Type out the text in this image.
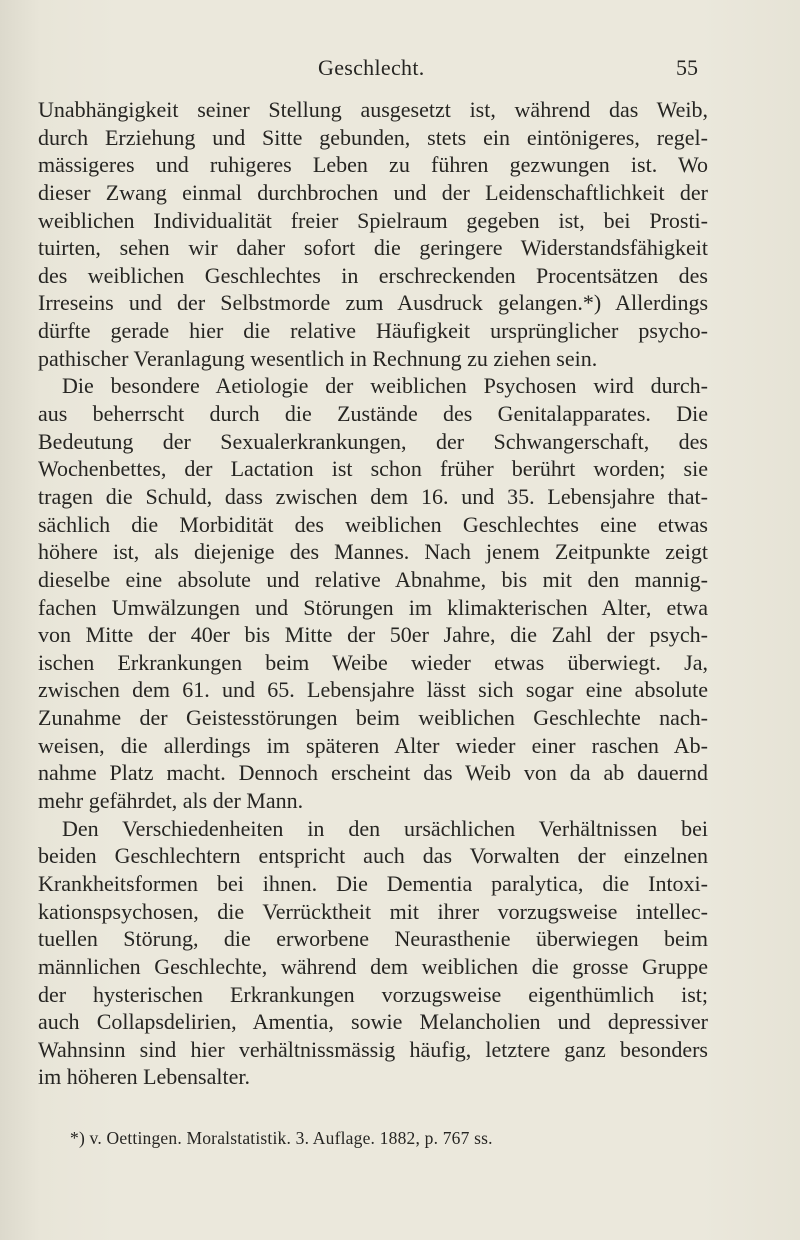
Geschlecht.	55
Unabhängigkeit seiner Stellung ausgesetzt ist, während das Weib,
durch Erziehung und Sitte gebunden, stets ein eintönigeres, regel-
mässigeres und ruhigeres Leben zu führen gezwungen ist. Wo
dieser Zwang einmal durchbrochen und der Leidenschaftlichkeit der
weiblichen Individualität freier Spielraum gegeben ist, bei Prosti-
tuirten, sehen wir daher sofort die geringere Widerstandsfähigkeit
des weiblichen Geschlechtes in erschreckenden Procentsätzen des
Irreseins und der Selbstmorde zum Ausdruck gelangen.*) Allerdings
dürfte gerade hier die relative Häufigkeit ursprünglicher psycho-
pathischer Veranlagung wesentlich in Rechnung zu ziehen sein.
Die besondere Aetiologie der weiblichen Psychosen wird durch-
aus beherrscht durch die Zustände des Genitalapparates. Die
Bedeutung der Sexualerkrankungen, der Schwangerschaft, des
Wochenbettes, der Lactation ist schon früher berührt worden; sie
tragen die Schuld, dass zwischen dem 16. und 35. Lebensjahre that-
sächlich die Morbidität des weiblichen Geschlechtes eine etwas
höhere ist, als diejenige des Mannes. Nach jenem Zeitpunkte zeigt
dieselbe eine absolute und relative Abnahme, bis mit den mannig-
fachen Umwälzungen und Störungen im klimakterischen Alter, etwa
von Mitte der 40er bis Mitte der 50er Jahre, die Zahl der psych-
ischen Erkrankungen beim Weibe wieder etwas überwiegt. Ja,
zwischen dem 61. und 65. Lebensjahre lässt sich sogar eine absolute
Zunahme der Geistesstörungen beim weiblichen Geschlechte nach-
weisen, die allerdings im späteren Alter wieder einer raschen Ab-
nahme Platz macht. Dennoch erscheint das Weib von da ab dauernd
mehr gefährdet, als der Mann.
Den Verschiedenheiten in den ursächlichen Verhältnissen bei
beiden Geschlechtern entspricht auch das Vorwalten der einzelnen
Krankheitsformen bei ihnen. Die Dementia paralytica, die Intoxi-
kationspsychosen, die Verrücktheit mit ihrer vorzugsweise intellec-
tuellen Störung, die erworbene Neurasthenie überwiegen beim
männlichen Geschlechte, während dem weiblichen die grosse Gruppe
der hysterischen Erkrankungen vorzugsweise eigenthümlich ist;
auch Collapsdelirien, Amentia, sowie Melancholien und depressiver
Wahnsinn sind hier verhältnissmässig häufig, letztere ganz besonders
im höheren Lebensalter.
*) v. Oettingen. Moralstatistik. 3. Auflage. 1882, p. 767 ss.
